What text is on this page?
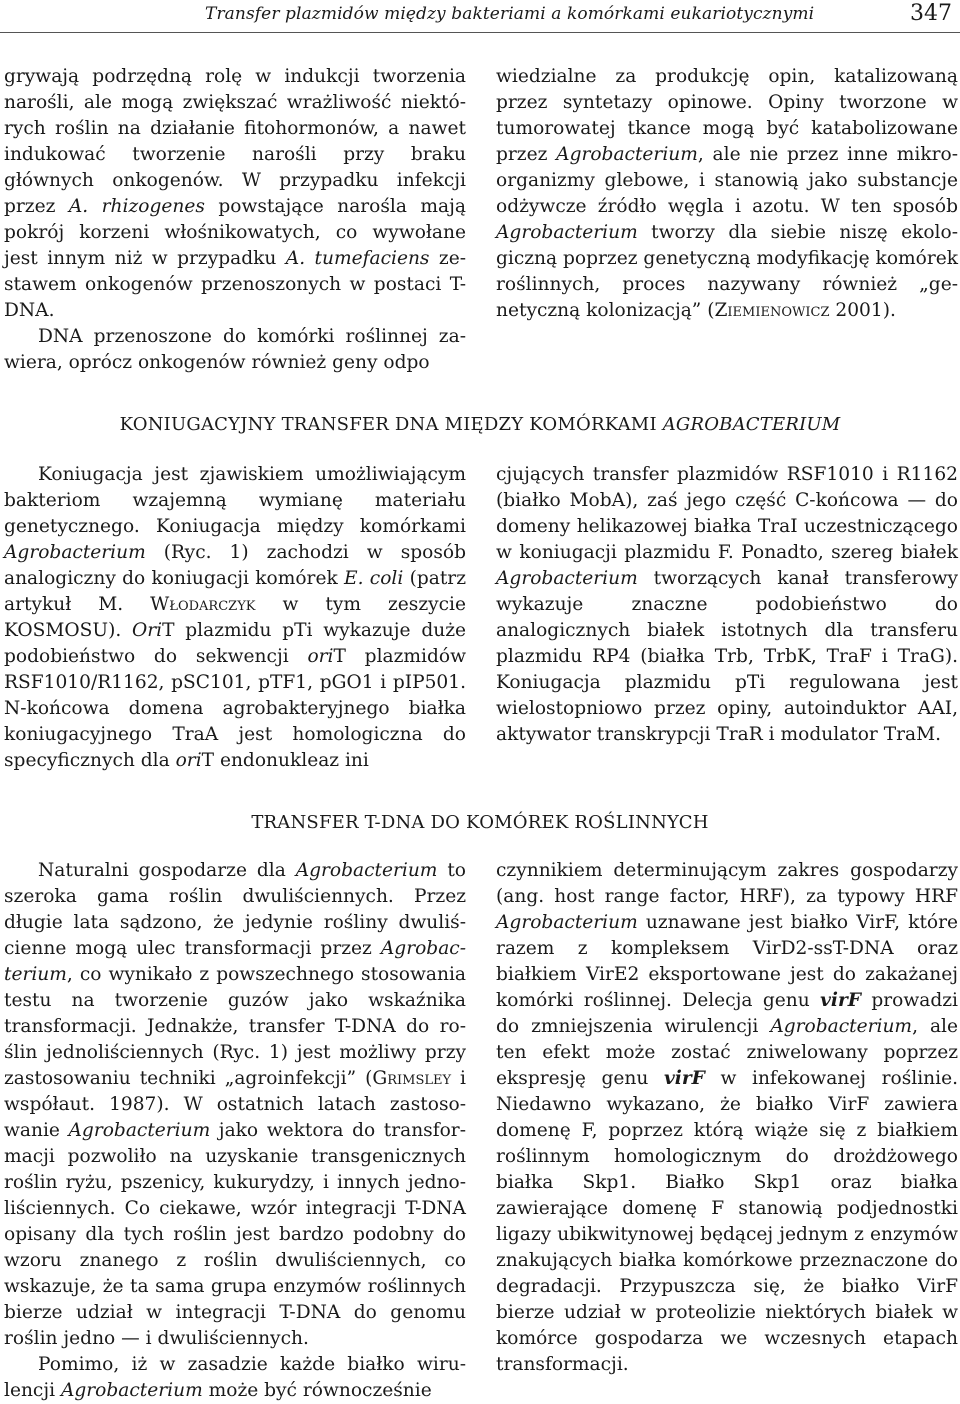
Transfer plazmidów między bakteriami a komórkami eukariotycznymi	347

grywają podrzędną rolę w indukcji tworzenia narośli, ale mogą zwiększać wrażliwość niektórych roślin na działanie fitohormonów, a nawet indukować tworzenie narośli przy braku głównych onkogenów. W przypadku infekcji przez A. rhizogenes powstające narośla mają pokrój korzeni włośnikowatych, co wywołane jest innym niż w przypadku A. tumefaciens zestawem onkogenów przenoszonych w postaci T-DNA.

DNA przenoszone do komórki roślinnej zawiera, oprócz onkogenów również geny odpo

wiedzialne za produkcję opin, katalizowaną przez syntetazy opinowe. Opiny tworzone w tumorowatej tkance mogą być katabolizowane przez Agrobacterium, ale nie przez inne mikroorganizmy glebowe, i stanowią jako substancje odżywcze źródło węgla i azotu. W ten sposób Agrobacterium tworzy dla siebie niszę ekologiczną poprzez genetyczną modyfikację komórek roślinnych, proces nazywany również „genetyczną kolonizacją” (Ziemienowicz 2001).

KONIUGACYJNY TRANSFER DNA MIĘDZY KOMÓRKAMI AGROBACTERIUM

Koniugacja jest zjawiskiem umożliwiającym bakteriom wzajemną wymianę materiału genetycznego. Koniugacja między komórkami Agrobacterium (Ryc. 1) zachodzi w sposób analogiczny do koniugacji komórek E. coli (patrz artykuł M. Włodarczyk w tym zeszycie KOSMOSU). OriT plazmidu pTi wykazuje duże podobieństwo do sekwencji oriT plazmidów RSF1010/R1162, pSC101, pTF1, pGO1 i pIP501. N-końcowa domena agrobakteryjnego białka koniugacyjnego TraA jest homologiczna do specyficznych dla oriT endonukleaz ini

cjujących transfer plazmidów RSF1010 i R1162 (białko MobA), zaś jego część C-końcowa — do domeny helikazowej białka TraI uczestniczącego w koniugacji plazmidu F. Ponadto, szereg białek Agrobacterium tworzących kanał transferowy wykazuje znaczne podobieństwo do analogicznych białek istotnych dla transferu plazmidu RP4 (białka Trb, TrbK, TraF i TraG). Koniugacja plazmidu pTi regulowana jest wielostopniowo przez opiny, autoinduktor AAI, aktywator transkrypcji TraR i modulator TraM.

TRANSFER T-DNA DO KOMÓREK ROŚLINNYCH

Naturalni gospodarze dla Agrobacterium to szeroka gama roślin dwuliściennych. Przez długie lata sądzono, że jedynie rośliny dwuliścienne mogą ulec transformacji przez Agrobacterium, co wynikało z powszechnego stosowania testu na tworzenie guzów jako wskaźnika transformacji. Jednakże, transfer T-DNA do roślin jednoliściennych (Ryc. 1) jest możliwy przy zastosowaniu techniki „agroinfekcji” (Grimsley i współaut. 1987). W ostatnich latach zastosowanie Agrobacterium jako wektora do transformacji pozwoliło na uzyskanie transgenicznych roślin ryżu, pszenicy, kukurydzy, i innych jednoliściennych. Co ciekawe, wzór integracji T-DNA opisany dla tych roślin jest bardzo podobny do wzoru znanego z roślin dwuliściennych, co wskazuje, że ta sama grupa enzymów roślinnych bierze udział w integracji T-DNA do genomu roślin jedno — i dwuliściennych.

Pomimo, iż w zasadzie każde białko wirulencji Agrobacterium może być równocześnie

czynnikiem determinującym zakres gospodarzy (ang. host range factor, HRF), za typowy HRF Agrobacterium uznawane jest białko VirF, które razem z kompleksem VirD2-ssT-DNA oraz białkiem VirE2 eksportowane jest do zakażanej komórki roślinnej. Delecja genu virF prowadzi do zmniejszenia wirulencji Agrobacterium, ale ten efekt może zostać zniwelowany poprzez ekspresję genu virF w infekowanej roślinie. Niedawno wykazano, że białko VirF zawiera domenę F, poprzez którą wiąże się z białkiem roślinnym homologicznym do drożdżowego białka Skp1. Białko Skp1 oraz białka zawierające domenę F stanowią podjednostki ligazy ubikwitynowej będącej jednym z enzymów znakujących białka komórkowe przeznaczone do degradacji. Przypuszcza się, że białko VirF bierze udział w proteolizie niektórych białek w komórce gospodarza we wczesnych etapach transformacji.
